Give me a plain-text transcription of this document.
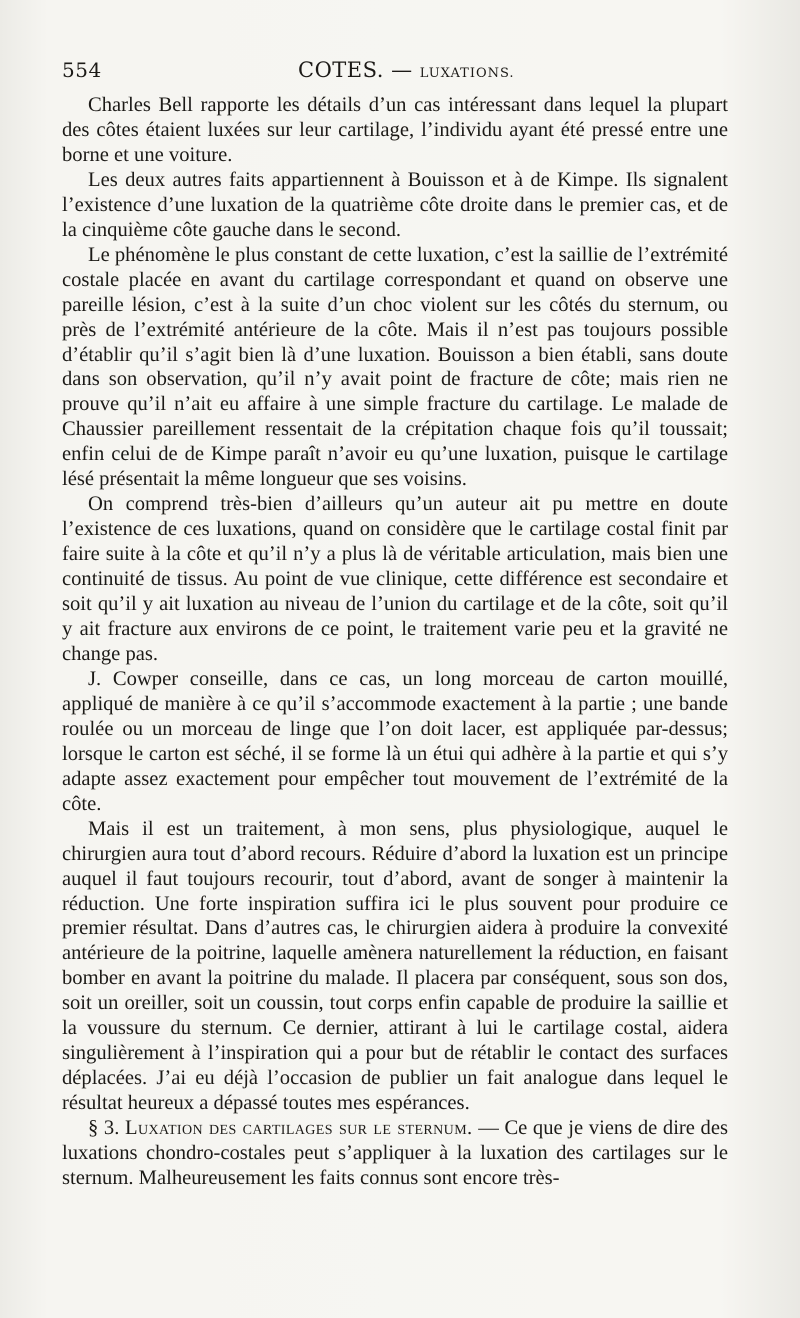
554	COTES. — LUXATIONS.

Charles Bell rapporte les détails d’un cas intéressant dans lequel la plupart des côtes étaient luxées sur leur cartilage, l’individu ayant été pressé entre une borne et une voiture.

Les deux autres faits appartiennent à Bouisson et à de Kimpe. Ils signalent l’existence d’une luxation de la quatrième côte droite dans le premier cas, et de la cinquième côte gauche dans le second.

Le phénomène le plus constant de cette luxation, c’est la saillie de l’extrémité costale placée en avant du cartilage correspondant et quand on observe une pareille lésion, c’est à la suite d’un choc violent sur les côtés du sternum, ou près de l’extrémité antérieure de la côte. Mais il n’est pas toujours possible d’établir qu’il s’agit bien là d’une luxation. Bouisson a bien établi, sans doute dans son observation, qu’il n’y avait point de fracture de côte; mais rien ne prouve qu’il n’ait eu affaire à une simple fracture du cartilage. Le malade de Chaussier pareillement ressentait de la crépitation chaque fois qu’il toussait; enfin celui de de Kimpe paraît n’avoir eu qu’une luxation, puisque le cartilage lésé présentait la même longueur que ses voisins.

On comprend très-bien d’ailleurs qu’un auteur ait pu mettre en doute l’existence de ces luxations, quand on considère que le cartilage costal finit par faire suite à la côte et qu’il n’y a plus là de véritable articulation, mais bien une continuité de tissus. Au point de vue clinique, cette différence est secondaire et soit qu’il y ait luxation au niveau de l’union du cartilage et de la côte, soit qu’il y ait fracture aux environs de ce point, le traitement varie peu et la gravité ne change pas.

J. Cowper conseille, dans ce cas, un long morceau de carton mouillé, appliqué de manière à ce qu’il s’accommode exactement à la partie ; une bande roulée ou un morceau de linge que l’on doit lacer, est appliquée par-dessus; lorsque le carton est séché, il se forme là un étui qui adhère à la partie et qui s’y adapte assez exactement pour empêcher tout mouvement de l’extrémité de la côte.

Mais il est un traitement, à mon sens, plus physiologique, auquel le chirurgien aura tout d’abord recours. Réduire d’abord la luxation est un principe auquel il faut toujours recourir, tout d’abord, avant de songer à maintenir la réduction. Une forte inspiration suffira ici le plus souvent pour produire ce premier résultat. Dans d’autres cas, le chirurgien aidera à produire la convexité antérieure de la poitrine, laquelle amènera naturellement la réduction, en faisant bomber en avant la poitrine du malade. Il placera par conséquent, sous son dos, soit un oreiller, soit un coussin, tout corps enfin capable de produire la saillie et la voussure du sternum. Ce dernier, attirant à lui le cartilage costal, aidera singulièrement à l’inspiration qui a pour but de rétablir le contact des surfaces déplacées. J’ai eu déjà l’occasion de publier un fait analogue dans lequel le résultat heureux a dépassé toutes mes espérances.

§ 3. Luxation des cartilages sur le sternum. — Ce que je viens de dire des luxations chondro-costales peut s’appliquer à la luxation des cartilages sur le sternum. Malheureusement les faits connus sont encore très-
